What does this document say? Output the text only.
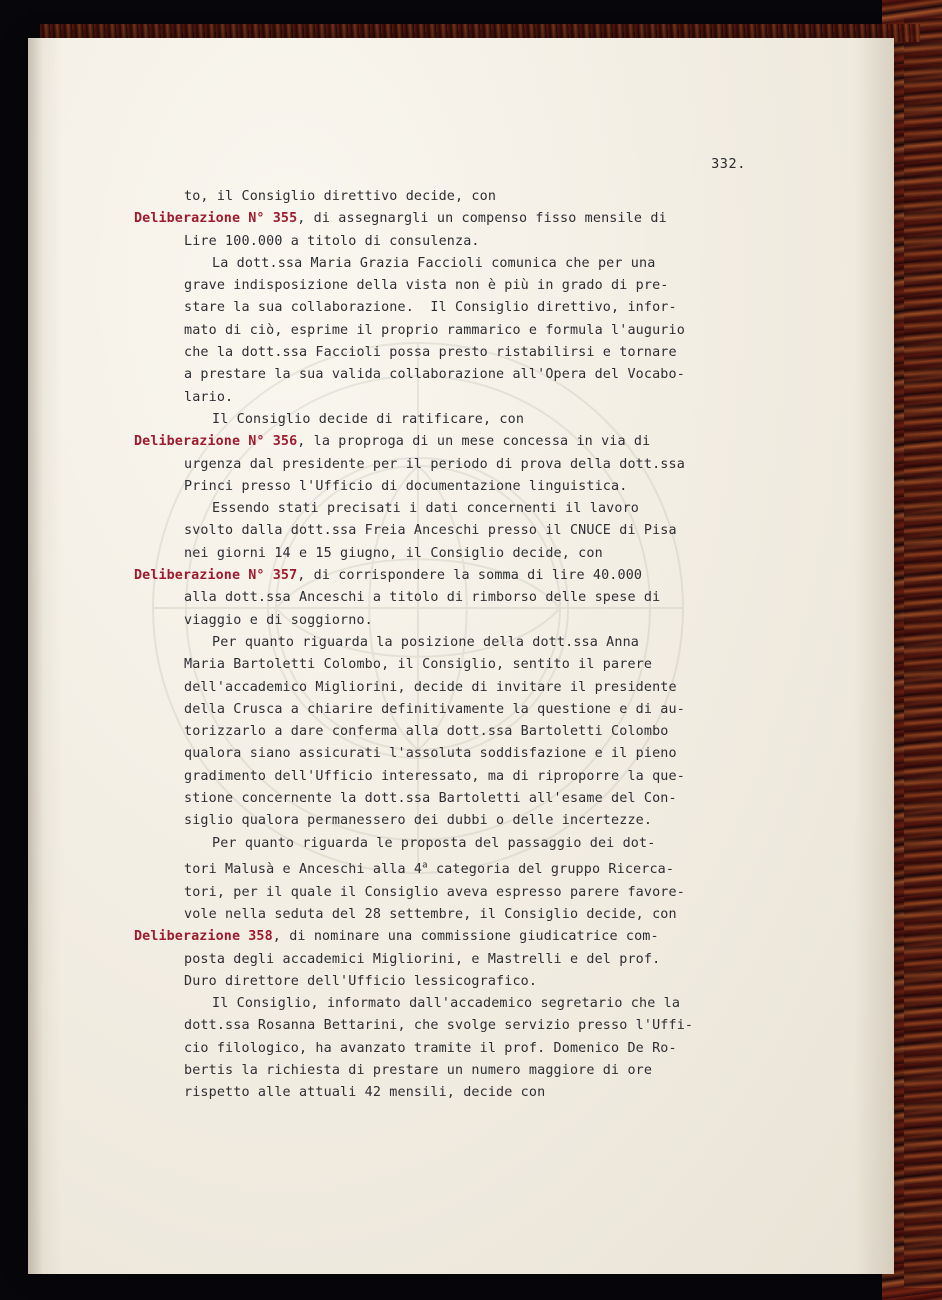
332.
to, il Consiglio direttivo decide, con
Deliberazione N° 355, di assegnargli un compenso fisso mensile di
Lire 100.000 a titolo di consulenza.
La dott.ssa Maria Grazia Faccioli comunica che per una
grave indisposizione della vista non è più in grado di pre-
stare la sua collaborazione.  Il Consiglio direttivo, infor-
mato di ciò, esprime il proprio rammarico e formula l'augurio
che la dott.ssa Faccioli possa presto ristabilirsi e tornare
a prestare la sua valida collaborazione all'Opera del Vocabo-
lario.
Il Consiglio decide di ratificare, con
Deliberazione N° 356, la proproga di un mese concessa in via di
urgenza dal presidente per il periodo di prova della dott.ssa
Princi presso l'Ufficio di documentazione linguistica.
Essendo stati precisati i dati concernenti il lavoro
svolto dalla dott.ssa Freia Anceschi presso il CNUCE di Pisa
nei giorni 14 e 15 giugno, il Consiglio decide, con
Deliberazione N° 357, di corrispondere la somma di lire 40.000
alla dott.ssa Anceschi a titolo di rimborso delle spese di
viaggio e di soggiorno.
Per quanto riguarda la posizione della dott.ssa Anna
Maria Bartoletti Colombo, il Consiglio, sentito il parere
dell'accademico Migliorini, decide di invitare il presidente
della Crusca a chiarire definitivamente la questione e di au-
torizzarlo a dare conferma alla dott.ssa Bartoletti Colombo
qualora siano assicurati l'assoluta soddisfazione e il pieno
gradimento dell'Ufficio interessato, ma di riproporre la que-
stione concernente la dott.ssa Bartoletti all'esame del Con-
siglio qualora permanessero dei dubbi o delle incertezze.
Per quanto riguarda le proposta del passaggio dei dot-
tori Malusà e Anceschi alla 4$^a$ categoria del gruppo Ricerca-
tori, per il quale il Consiglio aveva espresso parere favore-
vole nella seduta del 28 settembre, il Consiglio decide, con
Deliberazione 358, di nominare una commissione giudicatrice com-
posta degli accademici Migliorini, e Mastrelli e del prof.
Duro direttore dell'Ufficio lessicografico.
Il Consiglio, informato dall'accademico segretario che la
dott.ssa Rosanna Bettarini, che svolge servizio presso l'Uffi-
cio filologico, ha avanzato tramite il prof. Domenico De Ro-
bertis la richiesta di prestare un numero maggiore di ore
rispetto alle attuali 42 mensili, decide con
